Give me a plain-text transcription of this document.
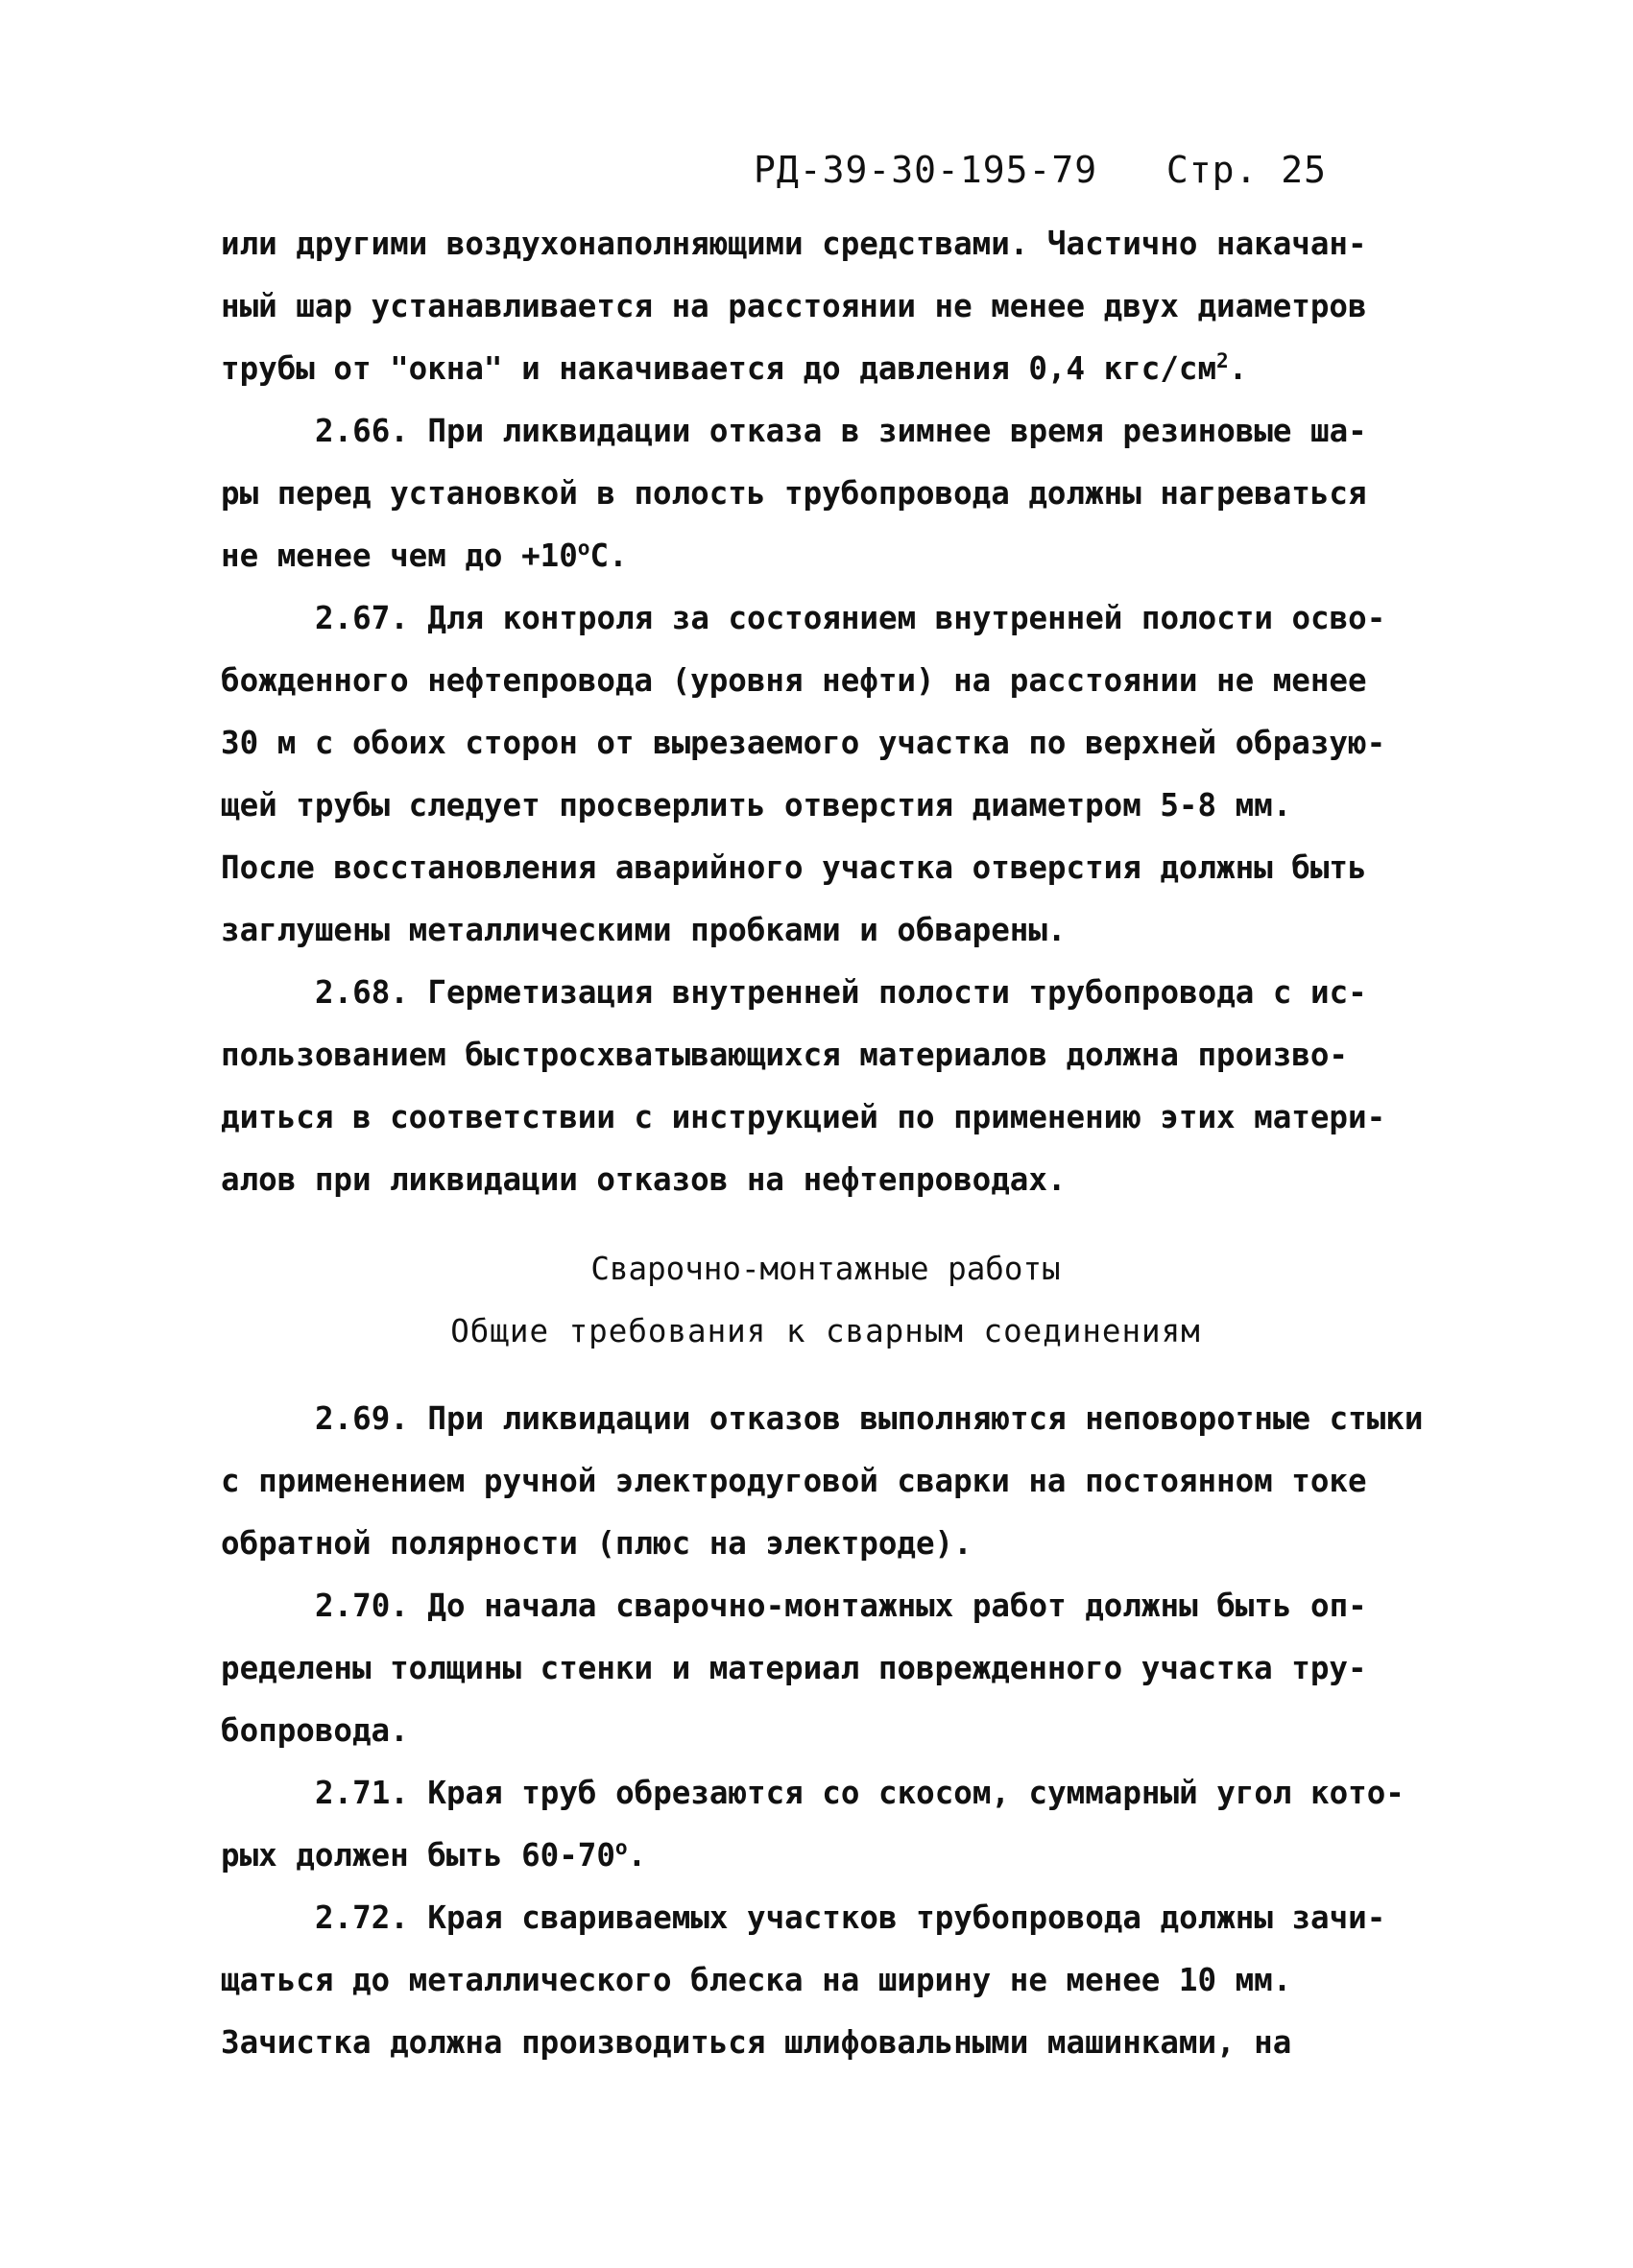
РД-39-30-195-79 Стр. 25
или другими воздухонаполняющими средствами. Частично накачан-
ный шар устанавливается на расстоянии не менее двух диаметров
трубы от "окна" и накачивается до давления 0,4 кгс/$см^2$.
2.66. При ликвидации отказа в зимнее время резиновые ша-
ры перед установкой в полость трубопровода должны нагреваться
не менее чем до $+10^оС$.
2.67. Для контроля за состоянием внутренней полости осво-
божденного нефтепровода (уровня нефти) на расстоянии не менее
30 м с обоих сторон от вырезаемого участка по верхней образую-
щей трубы следует просверлить отверстия диаметром 5-8 мм.
После восстановления аварийного участка отверстия должны быть
заглушены металлическими пробками и обварены.
2.68. Герметизация внутренней полости трубопровода с ис-
пользованием быстросхватывающихся материалов должна произво-
диться в соответствии с инструкцией по применению этих матери-
алов при ликвидации отказов на нефтепроводах.
Сварочно-монтажные работы
Общие требования к сварным соединениям
2.69. При ликвидации отказов выполняются неповоротные стыки
с применением ручной электродуговой сварки на постоянном токе
обратной полярности (плюс на электроде).
2.70. До начала сварочно-монтажных работ должны быть оп-
ределены толщины стенки и материал поврежденного участка тру-
бопровода.
2.71. Края труб обрезаются со скосом, суммарный угол кото-
рых должен быть $60-70^о$.
2.72. Края свариваемых участков трубопровода должны зачи-
щаться до металлического блеска на ширину не менее 10 мм.
Зачистка должна производиться шлифовальными машинками, на
